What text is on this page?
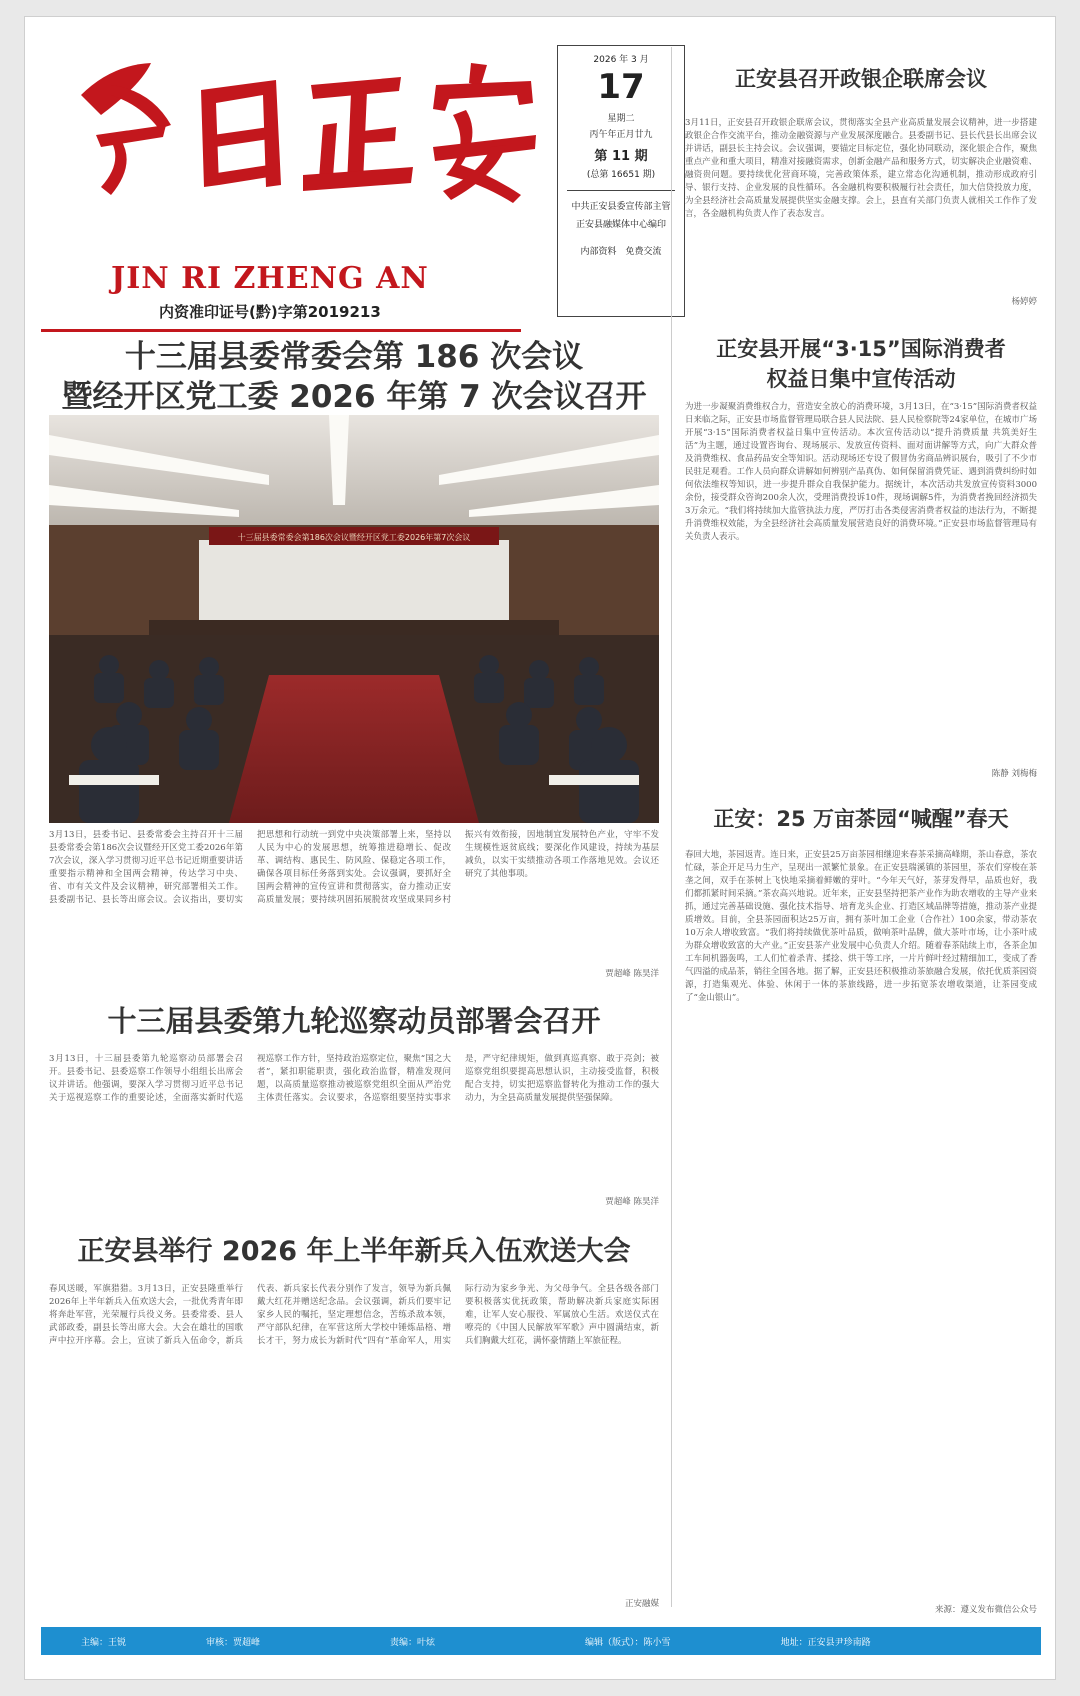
JIN RI ZHENG AN
内资准印证号(黔)字第2019213
2026 年 3 月
17
星期二
丙午年正月廿九
第 11 期
(总第 16651 期)
中共正安县委宣传部主管
正安县融媒体中心编印
内部资料　免费交流
正安县召开政银企联席会议
3月11日，正安县召开政银企联席会议，贯彻落实全县产业高质量发展会议精神，进一步搭建政银企合作交流平台，推动金融资源与产业发展深度融合。县委副书记、县长代县长出席会议并讲话，副县长主持会议。会议强调，要锚定目标定位，强化协同联动，深化银企合作，聚焦重点产业和重大项目，精准对接融资需求，创新金融产品和服务方式，切实解决企业融资难、融资贵问题。要持续优化营商环境，完善政策体系，建立常态化沟通机制，推动形成政府引导、银行支持、企业发展的良性循环。各金融机构要积极履行社会责任，加大信贷投放力度，为全县经济社会高质量发展提供坚实金融支撑。会上，县直有关部门负责人就相关工作作了发言，各金融机构负责人作了表态发言。
杨婷婷
正安县开展“3·15”国际消费者
权益日集中宣传活动
为进一步凝聚消费维权合力，营造安全放心的消费环境，3月13日，在“3·15”国际消费者权益日来临之际，正安县市场监督管理局联合县人民法院、县人民检察院等24家单位，在城市广场开展“3·15”国际消费者权益日集中宣传活动。本次宣传活动以“提升消费质量 共筑美好生活”为主题，通过设置咨询台、现场展示、发放宣传资料、面对面讲解等方式，向广大群众普及消费维权、食品药品安全等知识。活动现场还专设了假冒伪劣商品辨识展台，吸引了不少市民驻足观看。工作人员向群众讲解如何辨别产品真伪、如何保留消费凭证、遇到消费纠纷时如何依法维权等知识，进一步提升群众自我保护能力。据统计，本次活动共发放宣传资料3000余份，接受群众咨询200余人次，受理消费投诉10件，现场调解5件，为消费者挽回经济损失3万余元。“我们将持续加大监管执法力度，严厉打击各类侵害消费者权益的违法行为，不断提升消费维权效能，为全县经济社会高质量发展营造良好的消费环境。”正安县市场监督管理局有关负责人表示。
陈静 刘梅梅
正安：25 万亩茶园“喊醒”春天
春回大地，茶园返青。连日来，正安县25万亩茶园相继迎来春茶采摘高峰期，茶山春意，茶农忙碌，茶企开足马力生产，呈现出一派繁忙景象。在正安县瑞溪镇的茶园里，茶农们穿梭在茶垄之间，双手在茶树上飞快地采摘着鲜嫩的芽叶。“今年天气好，茶芽发得早，品质也好，我们都抓紧时间采摘。”茶农高兴地说。近年来，正安县坚持把茶产业作为助农增收的主导产业来抓，通过完善基础设施、强化技术指导、培育龙头企业、打造区域品牌等措施，推动茶产业提质增效。目前，全县茶园面积达25万亩，拥有茶叶加工企业（合作社）100余家，带动茶农10万余人增收致富。“我们将持续做优茶叶品质，做响茶叶品牌，做大茶叶市场，让小茶叶成为群众增收致富的大产业。”正安县茶产业发展中心负责人介绍。随着春茶陆续上市，各茶企加工车间机器轰鸣，工人们忙着杀青、揉捻、烘干等工序，一片片鲜叶经过精细加工，变成了香气四溢的成品茶，销往全国各地。据了解，正安县还积极推动茶旅融合发展，依托优质茶园资源，打造集观光、体验、休闲于一体的茶旅线路，进一步拓宽茶农增收渠道，让茶园变成了“金山银山”。
来源：遵义发布微信公众号
十三届县委常委会第 186 次会议
暨经开区党工委 2026 年第 7 次会议召开
十三届县委常委会第186次会议暨经开区党工委2026年第7次会议
3月13日，县委书记、县委常委会主持召开十三届县委常委会第186次会议暨经开区党工委2026年第7次会议，深入学习贯彻习近平总书记近期重要讲话重要指示精神和全国两会精神，传达学习中央、省、市有关文件及会议精神，研究部署相关工作。县委副书记、县长等出席会议。会议指出，要切实把思想和行动统一到党中央决策部署上来，坚持以人民为中心的发展思想，统筹推进稳增长、促改革、调结构、惠民生、防风险、保稳定各项工作，确保各项目标任务落到实处。会议强调，要抓好全国两会精神的宣传宣讲和贯彻落实，奋力推动正安高质量发展；要持续巩固拓展脱贫攻坚成果同乡村振兴有效衔接，因地制宜发展特色产业，守牢不发生规模性返贫底线；要深化作风建设，持续为基层减负，以实干实绩推动各项工作落地见效。会议还研究了其他事项。
贾超峰 陈昊洋
十三届县委第九轮巡察动员部署会召开
3月13日，十三届县委第九轮巡察动员部署会召开。县委书记、县委巡察工作领导小组组长出席会议并讲话。他强调，要深入学习贯彻习近平总书记关于巡视巡察工作的重要论述，全面落实新时代巡视巡察工作方针，坚持政治巡察定位，聚焦“国之大者”，紧扣职能职责，强化政治监督，精准发现问题，以高质量巡察推动被巡察党组织全面从严治党主体责任落实。会议要求，各巡察组要坚持实事求是，严守纪律规矩，做到真巡真察、敢于亮剑；被巡察党组织要提高思想认识，主动接受监督，积极配合支持，切实把巡察监督转化为推动工作的强大动力，为全县高质量发展提供坚强保障。
贾超峰 陈昊洋
正安县举行 2026 年上半年新兵入伍欢送大会
春风送暖，军旗猎猎。3月13日，正安县隆重举行2026年上半年新兵入伍欢送大会，一批优秀青年即将奔赴军营，光荣履行兵役义务。县委常委、县人武部政委，副县长等出席大会。大会在雄壮的国歌声中拉开序幕。会上，宣读了新兵入伍命令，新兵代表、新兵家长代表分别作了发言，领导为新兵佩戴大红花并赠送纪念品。会议强调，新兵们要牢记家乡人民的嘱托，坚定理想信念，苦练杀敌本领，严守部队纪律，在军营这所大学校中锤炼品格、增长才干，努力成长为新时代“四有”革命军人，用实际行动为家乡争光、为父母争气。全县各级各部门要积极落实优抚政策，帮助解决新兵家庭实际困难，让军人安心服役、军属放心生活。欢送仪式在嘹亮的《中国人民解放军军歌》声中圆满结束，新兵们胸戴大红花，满怀豪情踏上军旅征程。
正安融媒
主编：王锐	审核：贾超峰	责编：叶炫	编辑（版式）：陈小雪	地址：正安县尹珍南路
